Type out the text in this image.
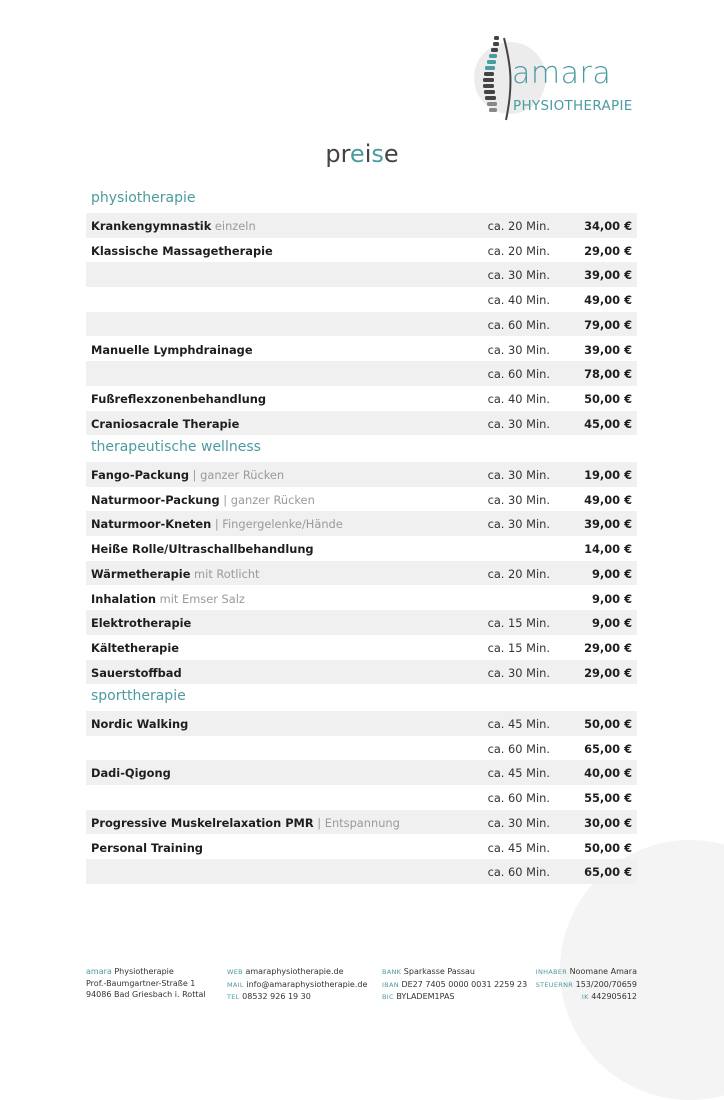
amara
PHYSIOTHERAPIE
preise
physiotherapie
Krankengymnastik einzeln	ca. 20 Min.	34,00 €
Klassische Massagetherapie	ca. 20 Min.	29,00 €
ca. 30 Min.	39,00 €
ca. 40 Min.	49,00 €
ca. 60 Min.	79,00 €
Manuelle Lymphdrainage	ca. 30 Min.	39,00 €
ca. 60 Min.	78,00 €
Fußreflexzonenbehandlung	ca. 40 Min.	50,00 €
Craniosacrale Therapie	ca. 30 Min.	45,00 €
therapeutische wellness
Fango-Packung | ganzer Rücken	ca. 30 Min.	19,00 €
Naturmoor-Packung | ganzer Rücken	ca. 30 Min.	49,00 €
Naturmoor-Kneten | Fingergelenke/Hände	ca. 30 Min.	39,00 €
Heiße Rolle/Ultraschallbehandlung	14,00 €
Wärmetherapie mit Rotlicht	ca. 20 Min.	9,00 €
Inhalation mit Emser Salz	9,00 €
Elektrotherapie	ca. 15 Min.	9,00 €
Kältetherapie	ca. 15 Min.	29,00 €
Sauerstoffbad	ca. 30 Min.	29,00 €
sporttherapie
Nordic Walking	ca. 45 Min.	50,00 €
ca. 60 Min.	65,00 €
Dadi-Qigong	ca. 45 Min.	40,00 €
ca. 60 Min.	55,00 €
Progressive Muskelrelaxation PMR | Entspannung	ca. 30 Min.	30,00 €
Personal Training	ca. 45 Min.	50,00 €
ca. 60 Min.	65,00 €
amara Physiotherapie
Prof.-Baumgartner-Straße 1
94086 Bad Griesbach i. Rottal
WEB amaraphysiotherapie.de
MAIL info@amaraphysiotherapie.de
TEL 08532 926 19 30
BANK Sparkasse Passau
IBAN DE27 7405 0000 0031 2259 23
BIC BYLADEM1PAS
INHABER Noomane Amara
STEUERNR 153/200/70659
IK 442905612
